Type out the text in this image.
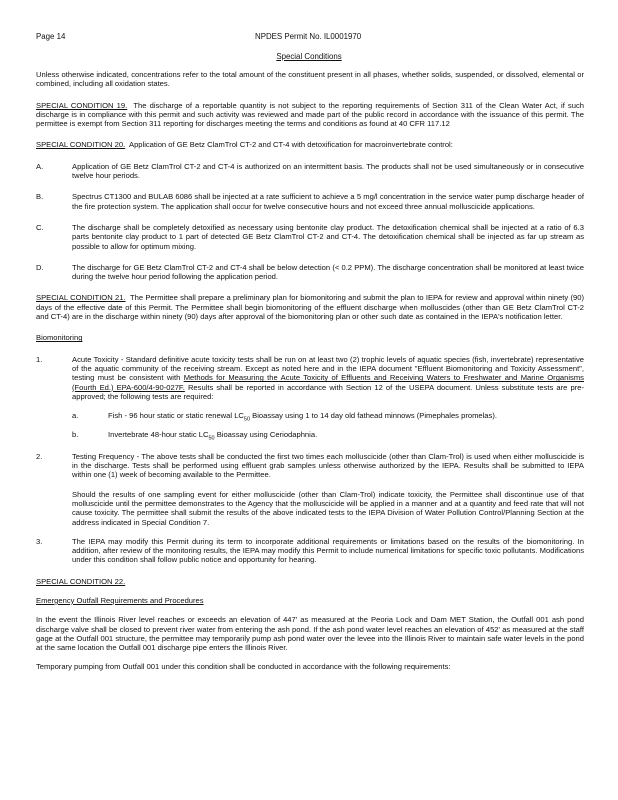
Page 14	NPDES Permit No. IL0001970
Special Conditions

Unless otherwise indicated, concentrations refer to the total amount of the constituent present in all phases, whether solids, suspended, or dissolved, elemental or combined, including all oxidation states.

SPECIAL CONDITION 19. The discharge of a reportable quantity is not subject to the reporting requirements of Section 311 of the Clean Water Act, if such discharge is in compliance with this permit and such activity was reviewed and made part of the public record in accordance with the issuance of this permit. The permittee is exempt from Section 311 reporting for discharges meeting the terms and conditions as found at 40 CFR 117.12

SPECIAL CONDITION 20. Application of GE Betz ClamTrol CT-2 and CT-4 with detoxification for macroinvertebrate control:

A.	Application of GE Betz ClamTrol CT-2 and CT-4 is authorized on an intermittent basis. The products shall not be used simultaneously or in consecutive twelve hour periods.

B.	Spectrus CT1300 and BULAB 6086 shall be injected at a rate sufficient to achieve a 5 mg/l concentration in the service water pump discharge header of the fire protection system. The application shall occur for twelve consecutive hours and not exceed three annual molluscicide applications.

C.	The discharge shall be completely detoxified as necessary using bentonite clay product. The detoxification chemical shall be injected at a ratio of 6.3 parts bentonite clay product to 1 part of detected GE Betz ClamTrol CT-2 and CT-4. The detoxification chemical shall be injected as far up stream as possible to allow for optimum mixing.

D.	The discharge for GE Betz ClamTrol CT-2 and CT-4 shall be below detection (< 0.2 PPM). The discharge concentration shall be monitored at least twice during the twelve hour period following the application period.

SPECIAL CONDITION 21. The Permittee shall prepare a preliminary plan for biomonitoring and submit the plan to IEPA for review and approval within ninety (90) days of the effective date of this Permit. The Permittee shall begin biomonitoring of the effluent discharge when molluscides (other than GE Betz ClamTrol CT-2 and CT-4) are in the discharge within ninety (90) days after approval of the biomonitoring plan or other such date as contained in the IEPA's notification letter.

Biomonitoring

1.	Acute Toxicity - Standard definitive acute toxicity tests shall be run on at least two (2) trophic levels of aquatic species (fish, invertebrate) representative of the aquatic community of the receiving stream. Except as noted here and in the IEPA document "Effluent Biomonitoring and Toxicity Assessment", testing must be consistent with Methods for Measuring the Acute Toxicity of Effluents and Receiving Waters to Freshwater and Marine Organisms (Fourth Ed.) EPA-600/4-90-027F. Results shall be reported in accordance with Section 12 of the USEPA document. Unless substitute tests are pre-approved; the following tests are required:

a.	Fish - 96 hour static or static renewal $LC_{50}$ Bioassay using 1 to 14 day old fathead minnows (Pimephales promelas).

b.	Invertebrate 48-hour static $LC_{50}$ Bioassay using Ceriodaphnia.

2.	Testing Frequency - The above tests shall be conducted the first two times each molluscicide (other than Clam-Trol) is used when either molluscicide is in the discharge. Tests shall be performed using effluent grab samples unless otherwise authorized by the IEPA. Results shall be submitted to IEPA within one (1) week of becoming available to the Permittee.

Should the results of one sampling event for either molluscicide (other than Clam-Trol) indicate toxicity, the Permittee shall discontinue use of that molluscicide until the permittee demonstrates to the Agency that the molluscicide will be applied in a manner and at a quantity and feed rate that will not cause toxicity. The permittee shall submit the results of the above indicated tests to the IEPA Division of Water Pollution Control/Planning Section at the address indicated in Special Condition 7.

3.	The IEPA may modify this Permit during its term to incorporate additional requirements or limitations based on the results of the biomonitoring. In addition, after review of the monitoring results, the IEPA may modify this Permit to include numerical limitations for specific toxic pollutants. Modifications under this condition shall follow public notice and opportunity for hearing.

SPECIAL CONDITION 22.

Emergency Outfall Requirements and Procedures

In the event the Illinois River level reaches or exceeds an elevation of 447' as measured at the Peoria Lock and Dam MET Station, the Outfall 001 ash pond discharge valve shall be closed to prevent river water from entering the ash pond. If the ash pond water level reaches an elevation of 452' as measured at the staff gage at the Outfall 001 structure, the permittee may temporarily pump ash pond water over the levee into the Illinois River to maintain safe water levels in the pond at the same location the Outfall 001 discharge pipe enters the Illinois River.

Temporary pumping from Outfall 001 under this condition shall be conducted in accordance with the following requirements:
